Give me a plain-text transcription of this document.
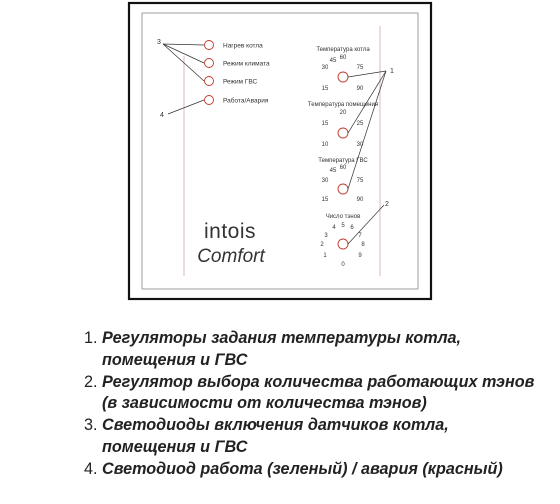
Нагрев котла
Режим климата
Режим ГВС
Работа/Авария
Температура котла
15
30
45 60
75
90
Температура помещения
10
15
20
25
30
Температура ГВС
15
30
45 60
75
90
Число тэнов
0
1
2
3
4 5 6
7
8
9
intois
Comfort
1
2
3
4
1. Регуляторы задания температуры котла, помещения и ГВС
2. Регулятор выбора количества работающих тэнов (в зависимости от количества тэнов)
3. Светодиоды включения датчиков котла, помещения и ГВС
4. Светодиод работа (зеленый) / авария (красный)
